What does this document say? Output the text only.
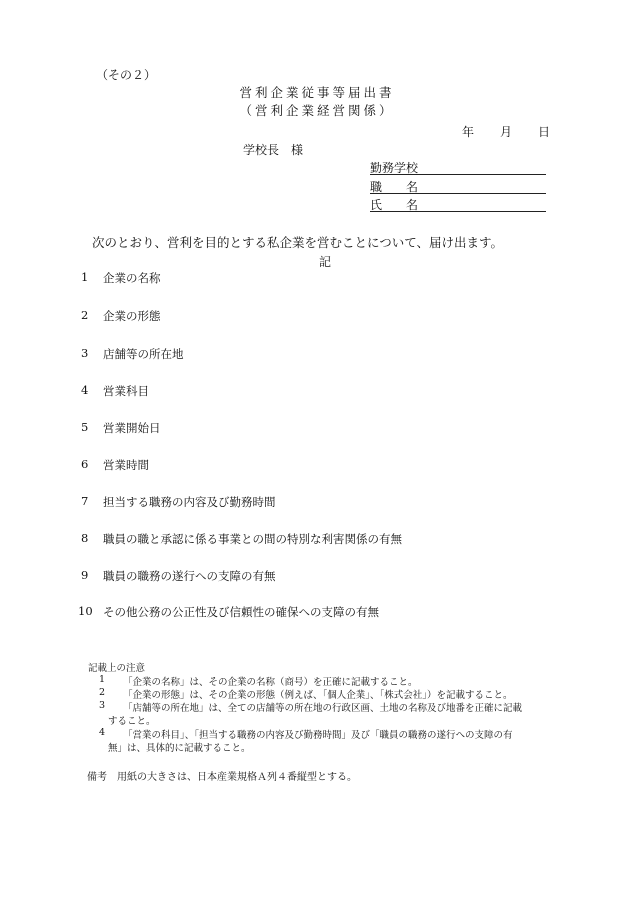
（その２）
営利企業従事等届出書
（営利企業経営関係）
年 月 日
学校長　様
勤務学校
職　　名
氏　　名
次のとおり、営利を目的とする私企業を営むことについて、届け出ます。
記
1	企業の名称
2	企業の形態
3	店舗等の所在地
4	営業科目
5	営業開始日
6	営業時間
7	担当する職務の内容及び勤務時間
8	職員の職と承認に係る事業との間の特別な利害関係の有無
9	職員の職務の遂行への支障の有無
10 その他公務の公正性及び信頼性の確保への支障の有無
記載上の注意
1	「企業の名称」は、その企業の名称（商号）を正確に記載すること。
2	「企業の形態」は、その企業の形態（例えば、「個人企業」、「株式会社」）を記載すること。
3	「店舗等の所在地」は、全ての店舗等の所在地の行政区画、土地の名称及び地番を正確に記載
すること。
4	「営業の科目」、「担当する職務の内容及び勤務時間」及び「職員の職務の遂行への支障の有
無」は、具体的に記載すること。
備考　用紙の大きさは、日本産業規格Ａ列４番縦型とする。
